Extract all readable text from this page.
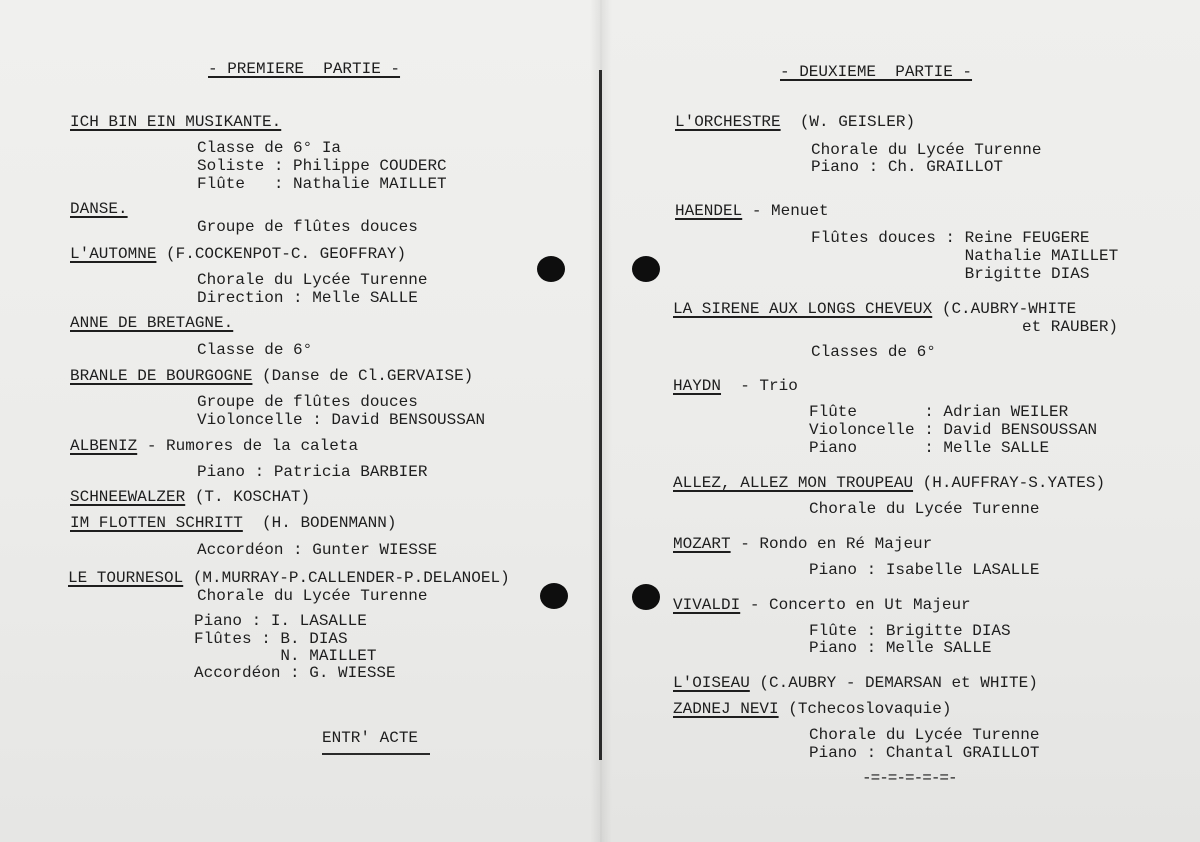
- PREMIERE  PARTIE -
ICH BIN EIN MUSIKANTE.
Classe de 6° Ia
Soliste : Philippe COUDERC
Flûte   : Nathalie MAILLET
DANSE.
Groupe de flûtes douces
L'AUTOMNE (F.COCKENPOT-C. GEOFFRAY)
Chorale du Lycée Turenne
Direction : Melle SALLE
ANNE DE BRETAGNE.
Classe de 6°
BRANLE DE BOURGOGNE (Danse de Cl.GERVAISE)
Groupe de flûtes douces
Violoncelle : David BENSOUSSAN
ALBENIZ - Rumores de la caleta
Piano : Patricia BARBIER
SCHNEEWALZER (T. KOSCHAT)
IM FLOTTEN SCHRITT  (H. BODENMANN)
Accordéon : Gunter WIESSE
LE TOURNESOL (M.MURRAY-P.CALLENDER-P.DELANOEL)
Chorale du Lycée Turenne
Piano : I. LASALLE
Flûtes : B. DIAS
N. MAILLET
Accordéon : G. WIESSE
ENTR' ACTE
- DEUXIEME  PARTIE -
L'ORCHESTRE  (W. GEISLER)
Chorale du Lycée Turenne
Piano : Ch. GRAILLOT
HAENDEL - Menuet
Flûtes douces : Reine FEUGERE
Nathalie MAILLET
Brigitte DIAS
LA SIRENE AUX LONGS CHEVEUX (C.AUBRY-WHITE
et RAUBER)
Classes de 6°
HAYDN  - Trio
Flûte       : Adrian WEILER
Violoncelle : David BENSOUSSAN
Piano       : Melle SALLE
ALLEZ, ALLEZ MON TROUPEAU (H.AUFFRAY-S.YATES)
Chorale du Lycée Turenne
MOZART - Rondo en Ré Majeur
Piano : Isabelle LASALLE
VIVALDI - Concerto en Ut Majeur
Flûte : Brigitte DIAS
Piano : Melle SALLE
L'OISEAU (C.AUBRY - DEMARSAN et WHITE)
ZADNEJ NEVI (Tchecoslovaquie)
Chorale du Lycée Turenne
Piano : Chantal GRAILLOT
-=-=-=-=-=-
